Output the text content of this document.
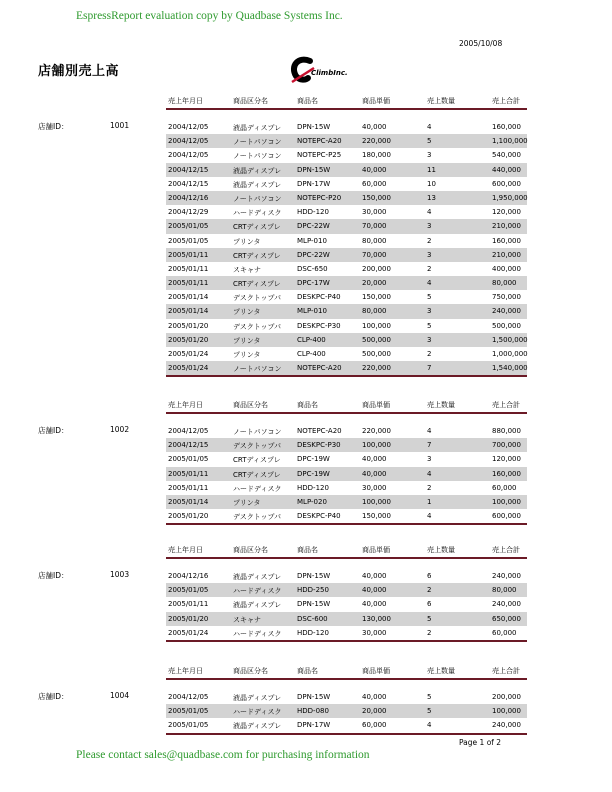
EspressReport evaluation copy by Quadbase Systems Inc.
2005/10/08
店舗別売上高	ClimbInc.
店舗ID：	1001
売上年月日	商品区分名	商品名	商品単価	売上数量	売上合計
2004/12/05	液晶ディスプレ DPN-15W	40,000	4	160,000
2004/12/05	ノートパソコン NOTEPC-A20	220,000	5	1,100,000
2004/12/05	ノートパソコン NOTEPC-P25	180,000	3	540,000
2004/12/15	液晶ディスプレ DPN-15W	40,000	11	440,000
2004/12/15	液晶ディスプレ DPN-17W	60,000	10	600,000
2004/12/16	ノートパソコン NOTEPC-P20	150,000	13	1,950,000
2004/12/29	ハードディスク HDD-120	30,000	4	120,000
2005/01/05	CRTディスプレ DPC-22W	70,000	3	210,000
2005/01/05	プリンタ	MLP-010	80,000	2	160,000
2005/01/11	CRTディスプレ DPC-22W	70,000	3	210,000
2005/01/11	スキャナ	DSC-650	200,000	2	400,000
2005/01/11	CRTディスプレ DPC-17W	20,000	4	80,000
2005/01/14	デスクトップパ DESKPC-P40	150,000	5	750,000
2005/01/14	プリンタ	MLP-010	80,000	3	240,000
2005/01/20	デスクトップパ DESKPC-P30	100,000	5	500,000
2005/01/20	プリンタ	CLP-400	500,000	3	1,500,000
2005/01/24	プリンタ	CLP-400	500,000	2	1,000,000
2005/01/24	ノートパソコン NOTEPC-A20	220,000	7	1,540,000
店舗ID：	1002
売上年月日	商品区分名	商品名	商品単価	売上数量	売上合計
2004/12/05	ノートパソコン NOTEPC-A20	220,000	4	880,000
2004/12/15	デスクトップパ DESKPC-P30	100,000	7	700,000
2005/01/05	CRTディスプレ DPC-19W	40,000	3	120,000
2005/01/11	CRTディスプレ DPC-19W	40,000	4	160,000
2005/01/11	ハードディスク HDD-120	30,000	2	60,000
2005/01/14	プリンタ	MLP-020	100,000	1	100,000
2005/01/20	デスクトップパ DESKPC-P40	150,000	4	600,000
店舗ID：	1003
売上年月日	商品区分名	商品名	商品単価	売上数量	売上合計
2004/12/16	液晶ディスプレ DPN-15W	40,000	6	240,000
2005/01/05	ハードディスク HDD-250	40,000	2	80,000
2005/01/11	液晶ディスプレ DPN-15W	40,000	6	240,000
2005/01/20	スキャナ	DSC-600	130,000	5	650,000
2005/01/24	ハードディスク HDD-120	30,000	2	60,000
店舗ID：	1004
売上年月日	商品区分名	商品名	商品単価	売上数量	売上合計
2004/12/05	液晶ディスプレ DPN-15W	40,000	5	200,000
2005/01/05	ハードディスク HDD-080	20,000	5	100,000
2005/01/05	液晶ディスプレ DPN-17W	60,000	4	240,000
Page 1 of 2
Please contact sales@quadbase.com for purchasing information
